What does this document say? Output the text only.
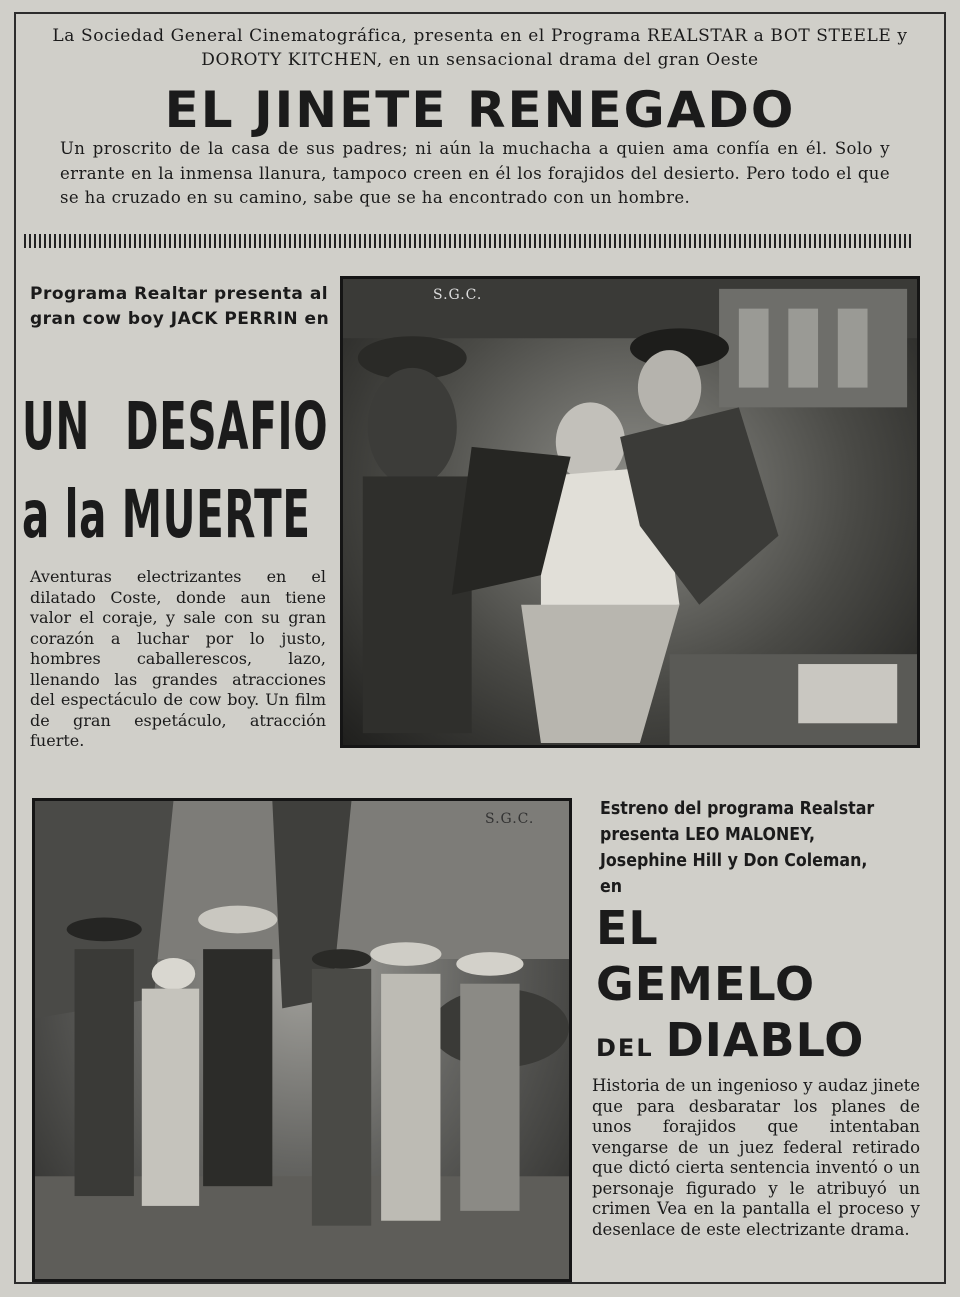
La Sociedad General Cinematográfica, presenta en el Programa REALSTAR a BOT STEELE y DOROTY KITCHEN, en un sensacional drama del gran Oeste
EL JINETE RENEGADO
Un proscrito de la casa de sus padres; ni aún la muchacha a quien ama confía en él. Solo y errante en la inmensa llanura, tampoco creen en él los forajidos del desierto. Pero todo el que se ha cruzado en su camino, sabe que se ha encontrado con un hombre.
Programa Realtar presenta al gran cow boy JACK PERRIN en
UN DESAFIO
a la MUERTE
Aventuras electrizantes en el dilatado Coste, donde aun tiene valor el coraje, y sale con su gran corazón a luchar por lo justo, hombres caballerescos, lazo, llenando las grandes atracciones del espectáculo de cow boy. Un film de gran espetáculo, atracción fuerte.
S.G.C.
S.G.C.	Estreno del programa Realstar presenta LEO MALONEY, Josephine Hill y Don Coleman, en
EL
GEMELO
DEL DIABLO
Historia de un ingenioso y audaz jinete que para desbaratar los planes de unos forajidos que intentaban vengarse de un juez federal retirado que dictó cierta sentencia inventó o un personaje figurado y le atribuyó un crimen Vea en la pantalla el proceso y desenlace de este electrizante drama.
